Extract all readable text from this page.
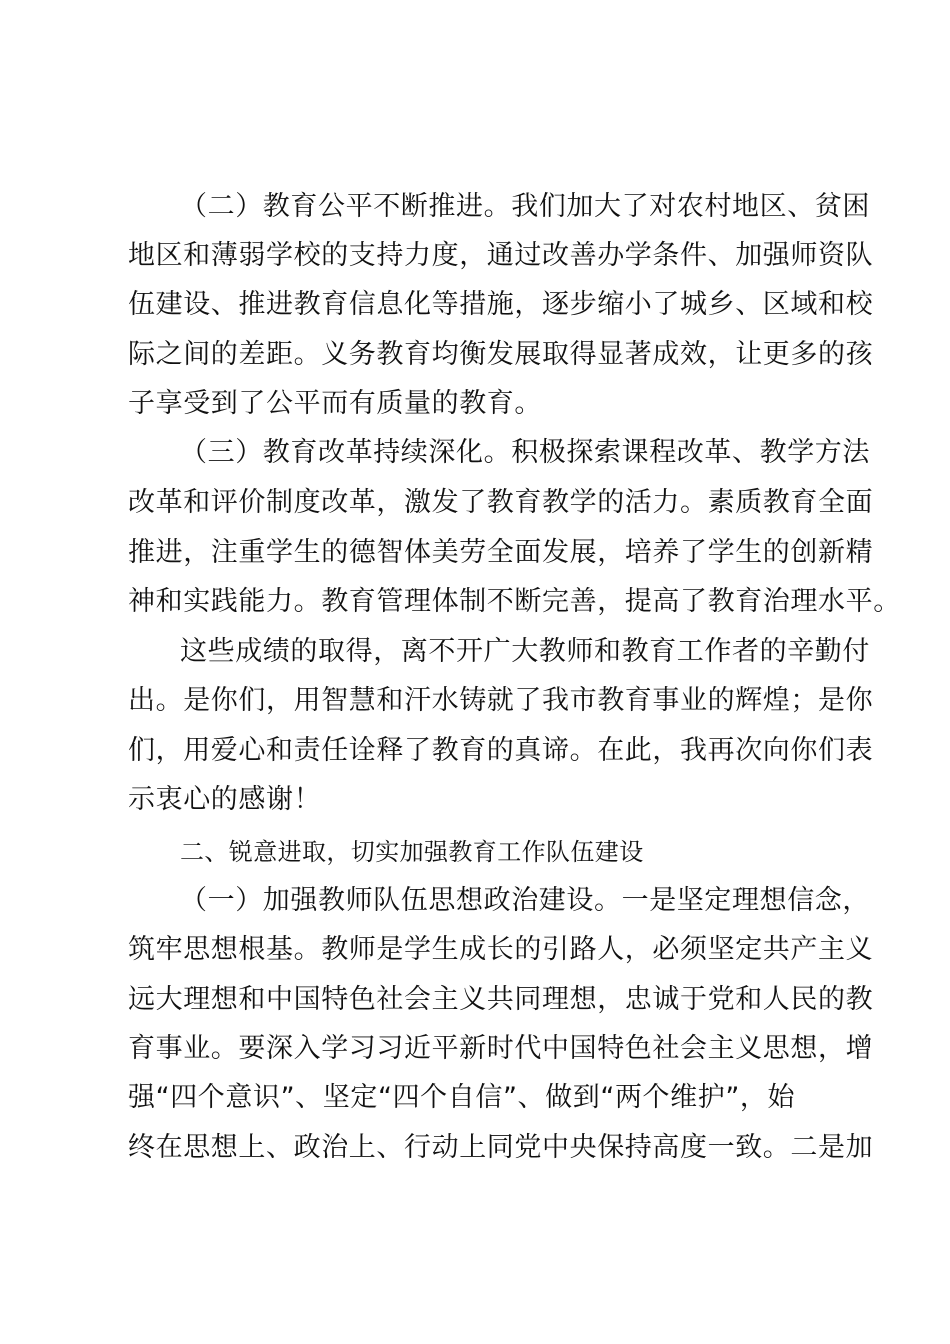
（二）教育公平不断推进。我们加大了对农村地区、贫困
地区和薄弱学校的支持力度，通过改善办学条件、加强师资队
伍建设、推进教育信息化等措施，逐步缩小了城乡、区域和校
际之间的差距。义务教育均衡发展取得显著成效，让更多的孩
子享受到了公平而有质量的教育。
（三）教育改革持续深化。积极探索课程改革、教学方法
改革和评价制度改革，激发了教育教学的活力。素质教育全面
推进，注重学生的德智体美劳全面发展，培养了学生的创新精
神和实践能力。教育管理体制不断完善，提高了教育治理水平。
这些成绩的取得，离不开广大教师和教育工作者的辛勤付
出。是你们，用智慧和汗水铸就了我市教育事业的辉煌；是你
们，用爱心和责任诠释了教育的真谛。在此，我再次向你们表
示衷心的感谢！
二、锐意进取，切实加强教育工作队伍建设
（一）加强教师队伍思想政治建设。一是坚定理想信念，
筑牢思想根基。教师是学生成长的引路人，必须坚定共产主义
远大理想和中国特色社会主义共同理想，忠诚于党和人民的教
育事业。要深入学习习近平新时代中国特色社会主义思想，增
强“四个意识”、坚定“四个自信”、做到“两个维护”，始
终在思想上、政治上、行动上同党中央保持高度一致。二是加
